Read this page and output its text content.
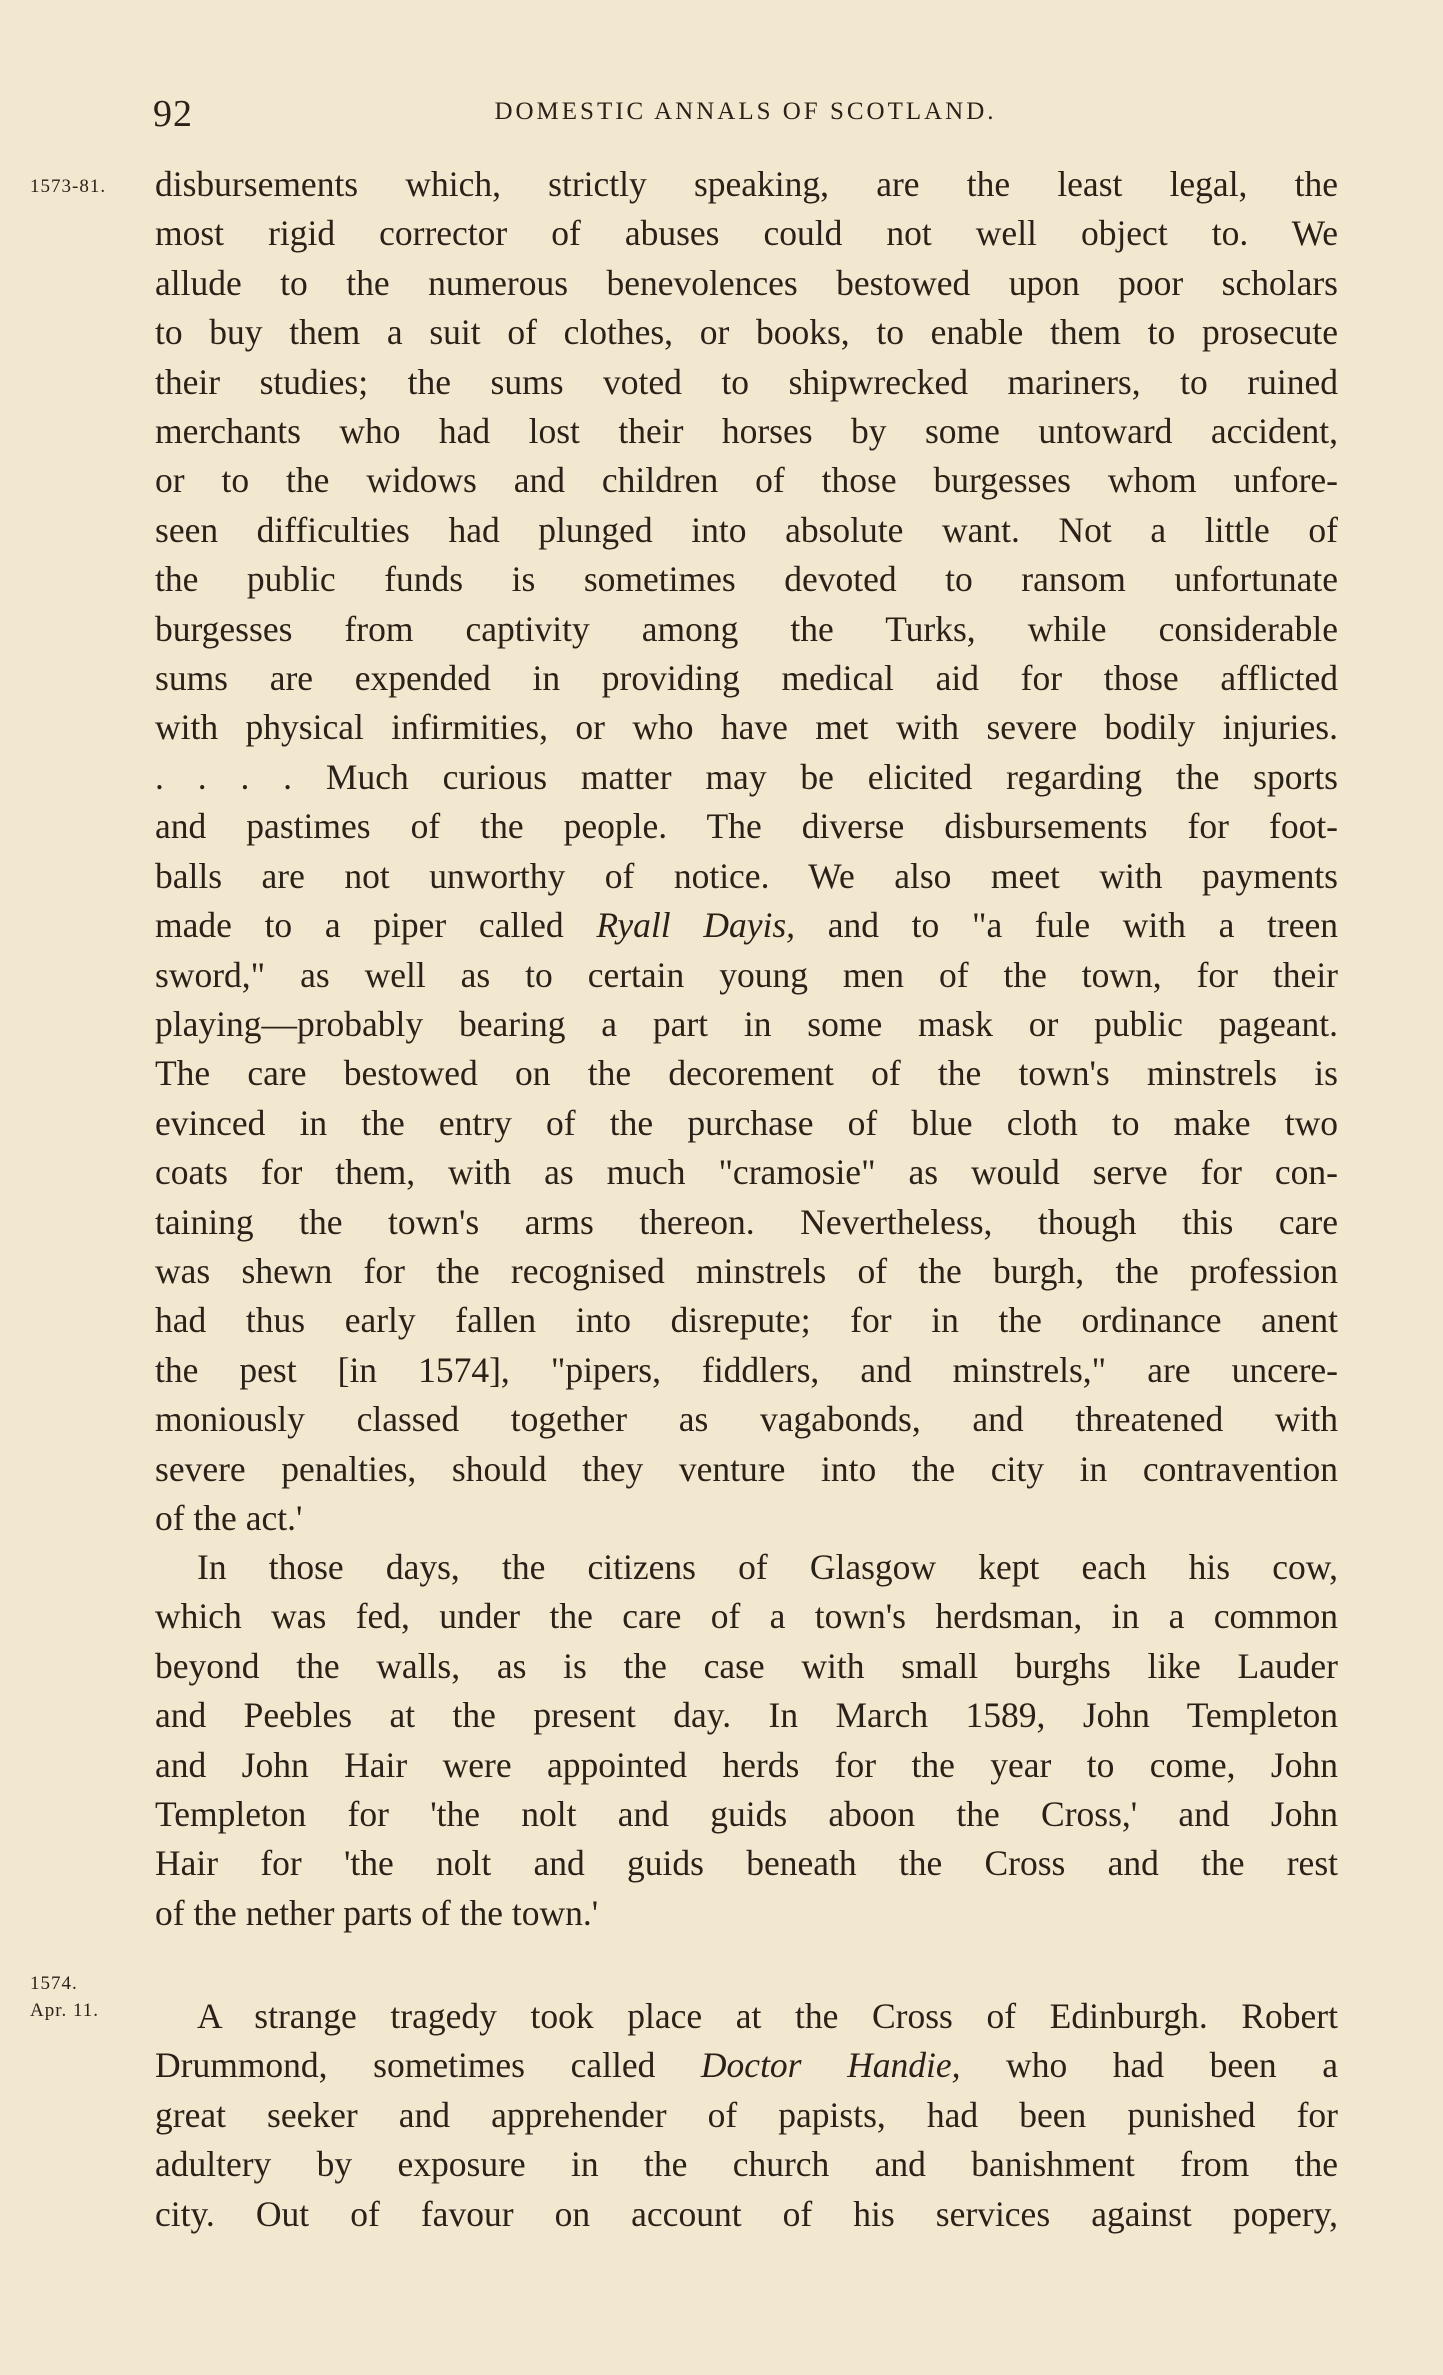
92	DOMESTIC ANNALS OF SCOTLAND.
1573-81.
1574.
Apr. 11.
disbursements which, strictly speaking, are the least legal, the
most rigid corrector of abuses could not well object to. We
allude to the numerous benevolences bestowed upon poor scholars
to buy them a suit of clothes, or books, to enable them to prosecute
their studies; the sums voted to shipwrecked mariners, to ruined
merchants who had lost their horses by some untoward accident,
or to the widows and children of those burgesses whom unfore-
seen difficulties had plunged into absolute want. Not a little of
the public funds is sometimes devoted to ransom unfortunate
burgesses from captivity among the Turks, while considerable
sums are expended in providing medical aid for those afflicted
with physical infirmities, or who have met with severe bodily injuries.
. . . . Much curious matter may be elicited regarding the sports
and pastimes of the people. The diverse disbursements for foot-
balls are not unworthy of notice. We also meet with payments
made to a piper called Ryall Dayis, and to "a fule with a treen
sword," as well as to certain young men of the town, for their
playing—probably bearing a part in some mask or public pageant.
The care bestowed on the decorement of the town's minstrels is
evinced in the entry of the purchase of blue cloth to make two
coats for them, with as much "cramosie" as would serve for con-
taining the town's arms thereon. Nevertheless, though this care
was shewn for the recognised minstrels of the burgh, the profession
had thus early fallen into disrepute; for in the ordinance anent
the pest [in 1574], "pipers, fiddlers, and minstrels," are uncere-
moniously classed together as vagabonds, and threatened with
severe penalties, should they venture into the city in contravention
of the act.'
In those days, the citizens of Glasgow kept each his cow,
which was fed, under the care of a town's herdsman, in a common
beyond the walls, as is the case with small burghs like Lauder
and Peebles at the present day. In March 1589, John Templeton
and John Hair were appointed herds for the year to come, John
Templeton for 'the nolt and guids aboon the Cross,' and John
Hair for 'the nolt and guids beneath the Cross and the rest
of the nether parts of the town.'
A strange tragedy took place at the Cross of Edinburgh. Robert
Drummond, sometimes called Doctor Handie, who had been a
great seeker and apprehender of papists, had been punished for
adultery by exposure in the church and banishment from the
city. Out of favour on account of his services against popery,
